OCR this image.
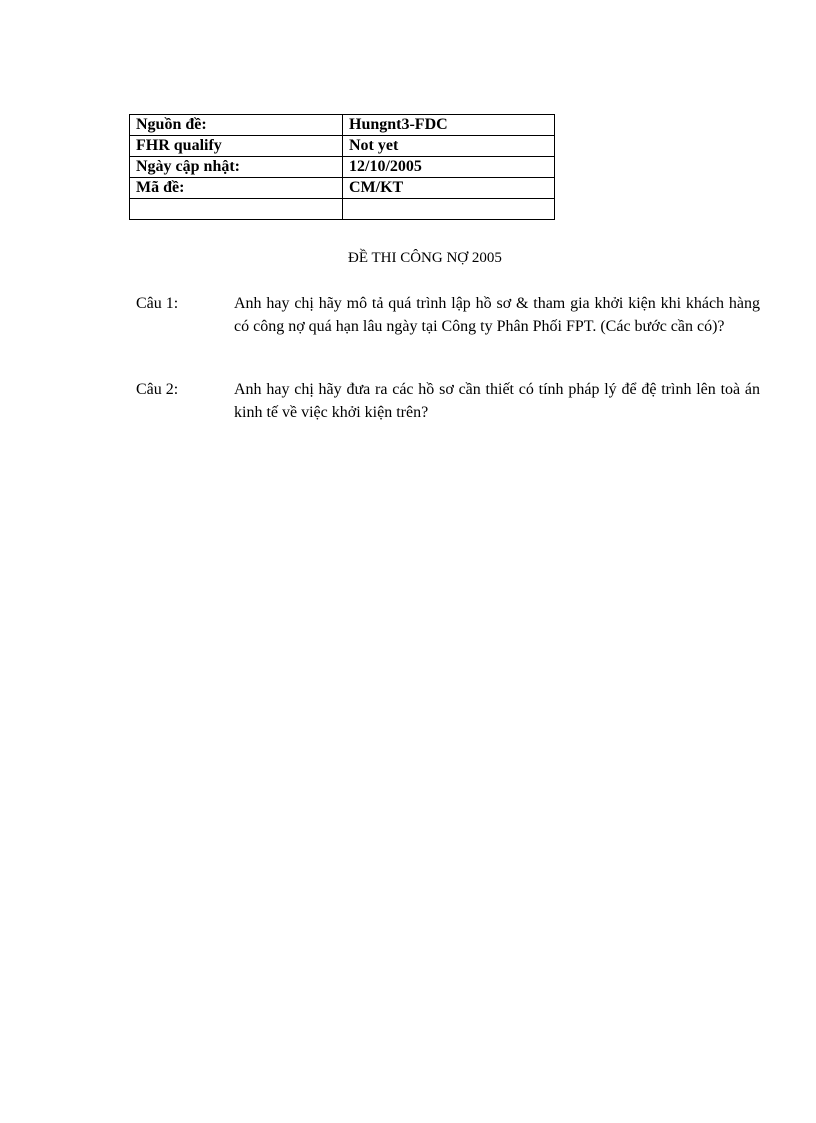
Nguồn đề:	Hungnt3-FDC
FHR qualify	Not yet
Ngày cập nhật:	12/10/2005
Mã đề:	CM/KT

ĐỀ THI CÔNG NỢ 2005
Câu 1:	Anh hay chị hãy mô tả quá trình lập hồ sơ & tham gia khởi kiện khi khách hàng có công nợ quá hạn lâu ngày tại Công ty Phân Phối FPT. (Các bước cần có)?
Câu 2:	Anh hay chị hãy đưa ra các hồ sơ cần thiết có tính pháp lý để đệ trình lên toà án kinh tế về việc khởi kiện trên?
